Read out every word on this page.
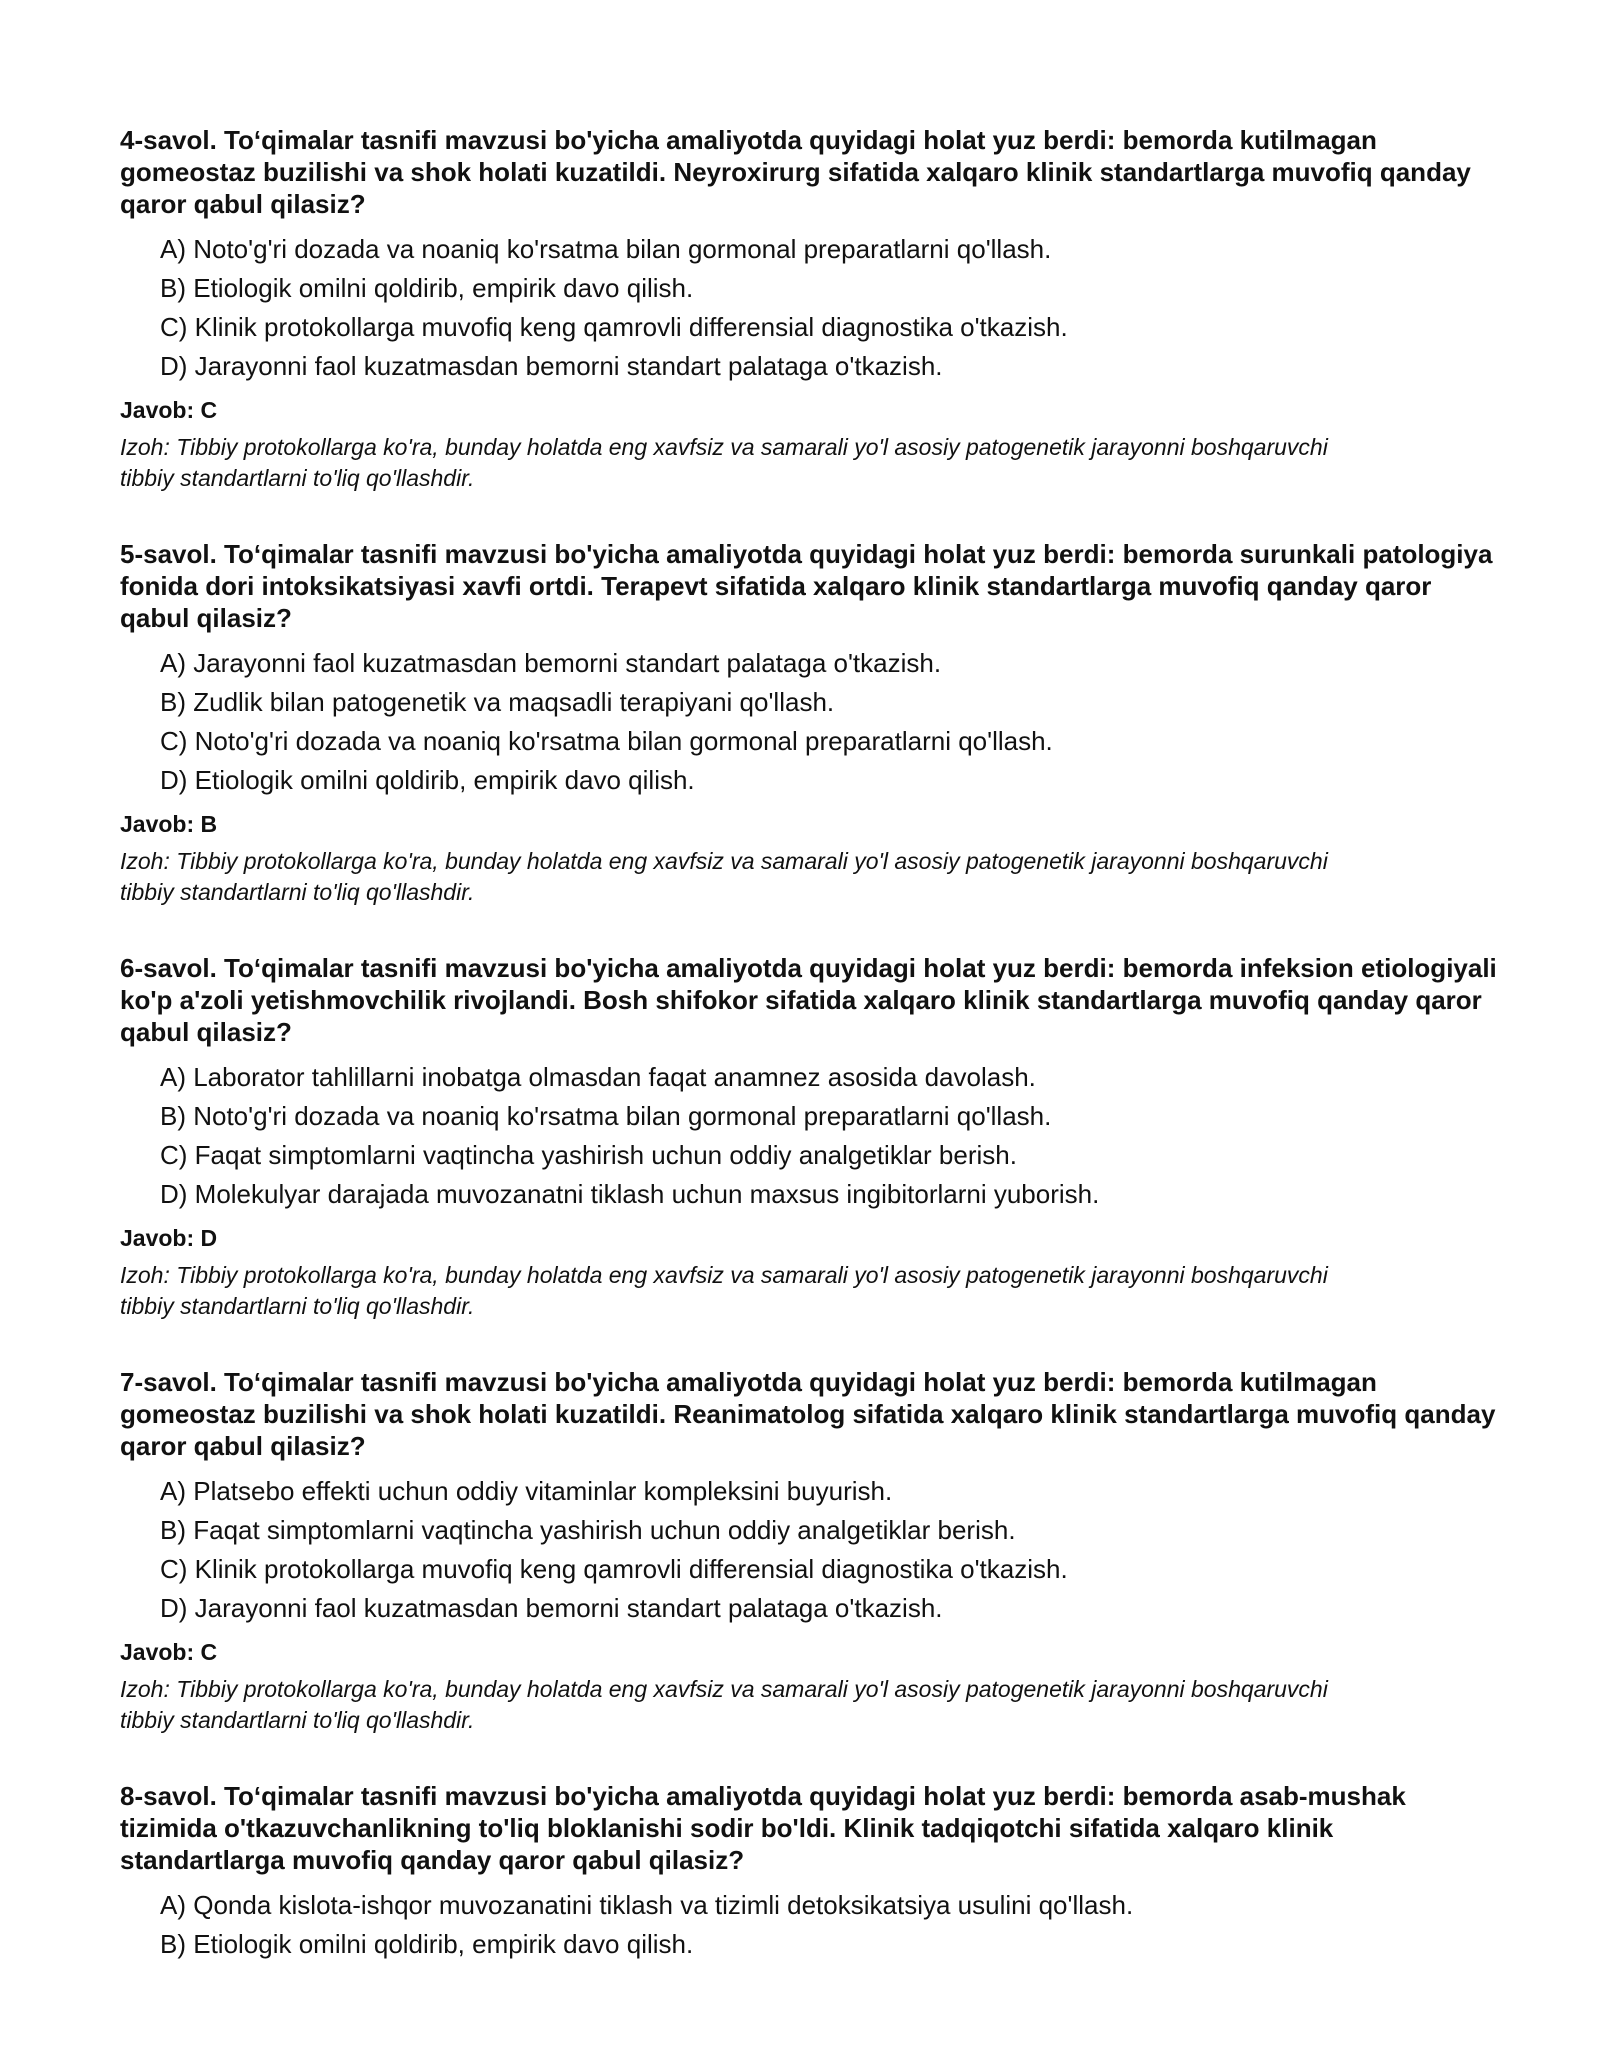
4-savol. To‘qimalar tasnifi mavzusi bo'yicha amaliyotda quyidagi holat yuz berdi: bemorda kutilmagan gomeostaz buzilishi va shok holati kuzatildi. Neyroxirurg sifatida xalqaro klinik standartlarga muvofiq qanday qaror qabul qilasiz?

A) Noto'g'ri dozada va noaniq ko'rsatma bilan gormonal preparatlarni qo'llash.
B) Etiologik omilni qoldirib, empirik davo qilish.
C) Klinik protokollarga muvofiq keng qamrovli differensial diagnostika o'tkazish.
D) Jarayonni faol kuzatmasdan bemorni standart palataga o'tkazish.
Javob: C
Izoh: Tibbiy protokollarga ko'ra, bunday holatda eng xavfsiz va samarali yo'l asosiy patogenetik jarayonni boshqaruvchi tibbiy standartlarni to'liq qo'llashdir.

5-savol. To‘qimalar tasnifi mavzusi bo'yicha amaliyotda quyidagi holat yuz berdi: bemorda surunkali patologiya fonida dori intoksikatsiyasi xavfi ortdi. Terapevt sifatida xalqaro klinik standartlarga muvofiq qanday qaror qabul qilasiz?

A) Jarayonni faol kuzatmasdan bemorni standart palataga o'tkazish.
B) Zudlik bilan patogenetik va maqsadli terapiyani qo'llash.
C) Noto'g'ri dozada va noaniq ko'rsatma bilan gormonal preparatlarni qo'llash.
D) Etiologik omilni qoldirib, empirik davo qilish.
Javob: B
Izoh: Tibbiy protokollarga ko'ra, bunday holatda eng xavfsiz va samarali yo'l asosiy patogenetik jarayonni boshqaruvchi tibbiy standartlarni to'liq qo'llashdir.

6-savol. To‘qimalar tasnifi mavzusi bo'yicha amaliyotda quyidagi holat yuz berdi: bemorda infeksion etiologiyali ko'p a'zoli yetishmovchilik rivojlandi. Bosh shifokor sifatida xalqaro klinik standartlarga muvofiq qanday qaror qabul qilasiz?

A) Laborator tahlillarni inobatga olmasdan faqat anamnez asosida davolash.
B) Noto'g'ri dozada va noaniq ko'rsatma bilan gormonal preparatlarni qo'llash.
C) Faqat simptomlarni vaqtincha yashirish uchun oddiy analgetiklar berish.
D) Molekulyar darajada muvozanatni tiklash uchun maxsus ingibitorlarni yuborish.
Javob: D
Izoh: Tibbiy protokollarga ko'ra, bunday holatda eng xavfsiz va samarali yo'l asosiy patogenetik jarayonni boshqaruvchi tibbiy standartlarni to'liq qo'llashdir.

7-savol. To‘qimalar tasnifi mavzusi bo'yicha amaliyotda quyidagi holat yuz berdi: bemorda kutilmagan gomeostaz buzilishi va shok holati kuzatildi. Reanimatolog sifatida xalqaro klinik standartlarga muvofiq qanday qaror qabul qilasiz?

A) Platsebo effekti uchun oddiy vitaminlar kompleksini buyurish.
B) Faqat simptomlarni vaqtincha yashirish uchun oddiy analgetiklar berish.
C) Klinik protokollarga muvofiq keng qamrovli differensial diagnostika o'tkazish.
D) Jarayonni faol kuzatmasdan bemorni standart palataga o'tkazish.
Javob: C
Izoh: Tibbiy protokollarga ko'ra, bunday holatda eng xavfsiz va samarali yo'l asosiy patogenetik jarayonni boshqaruvchi tibbiy standartlarni to'liq qo'llashdir.

8-savol. To‘qimalar tasnifi mavzusi bo'yicha amaliyotda quyidagi holat yuz berdi: bemorda asab-mushak tizimida o'tkazuvchanlikning to'liq bloklanishi sodir bo'ldi. Klinik tadqiqotchi sifatida xalqaro klinik standartlarga muvofiq qanday qaror qabul qilasiz?

A) Qonda kislota-ishqor muvozanatini tiklash va tizimli detoksikatsiya usulini qo'llash.
B) Etiologik omilni qoldirib, empirik davo qilish.
